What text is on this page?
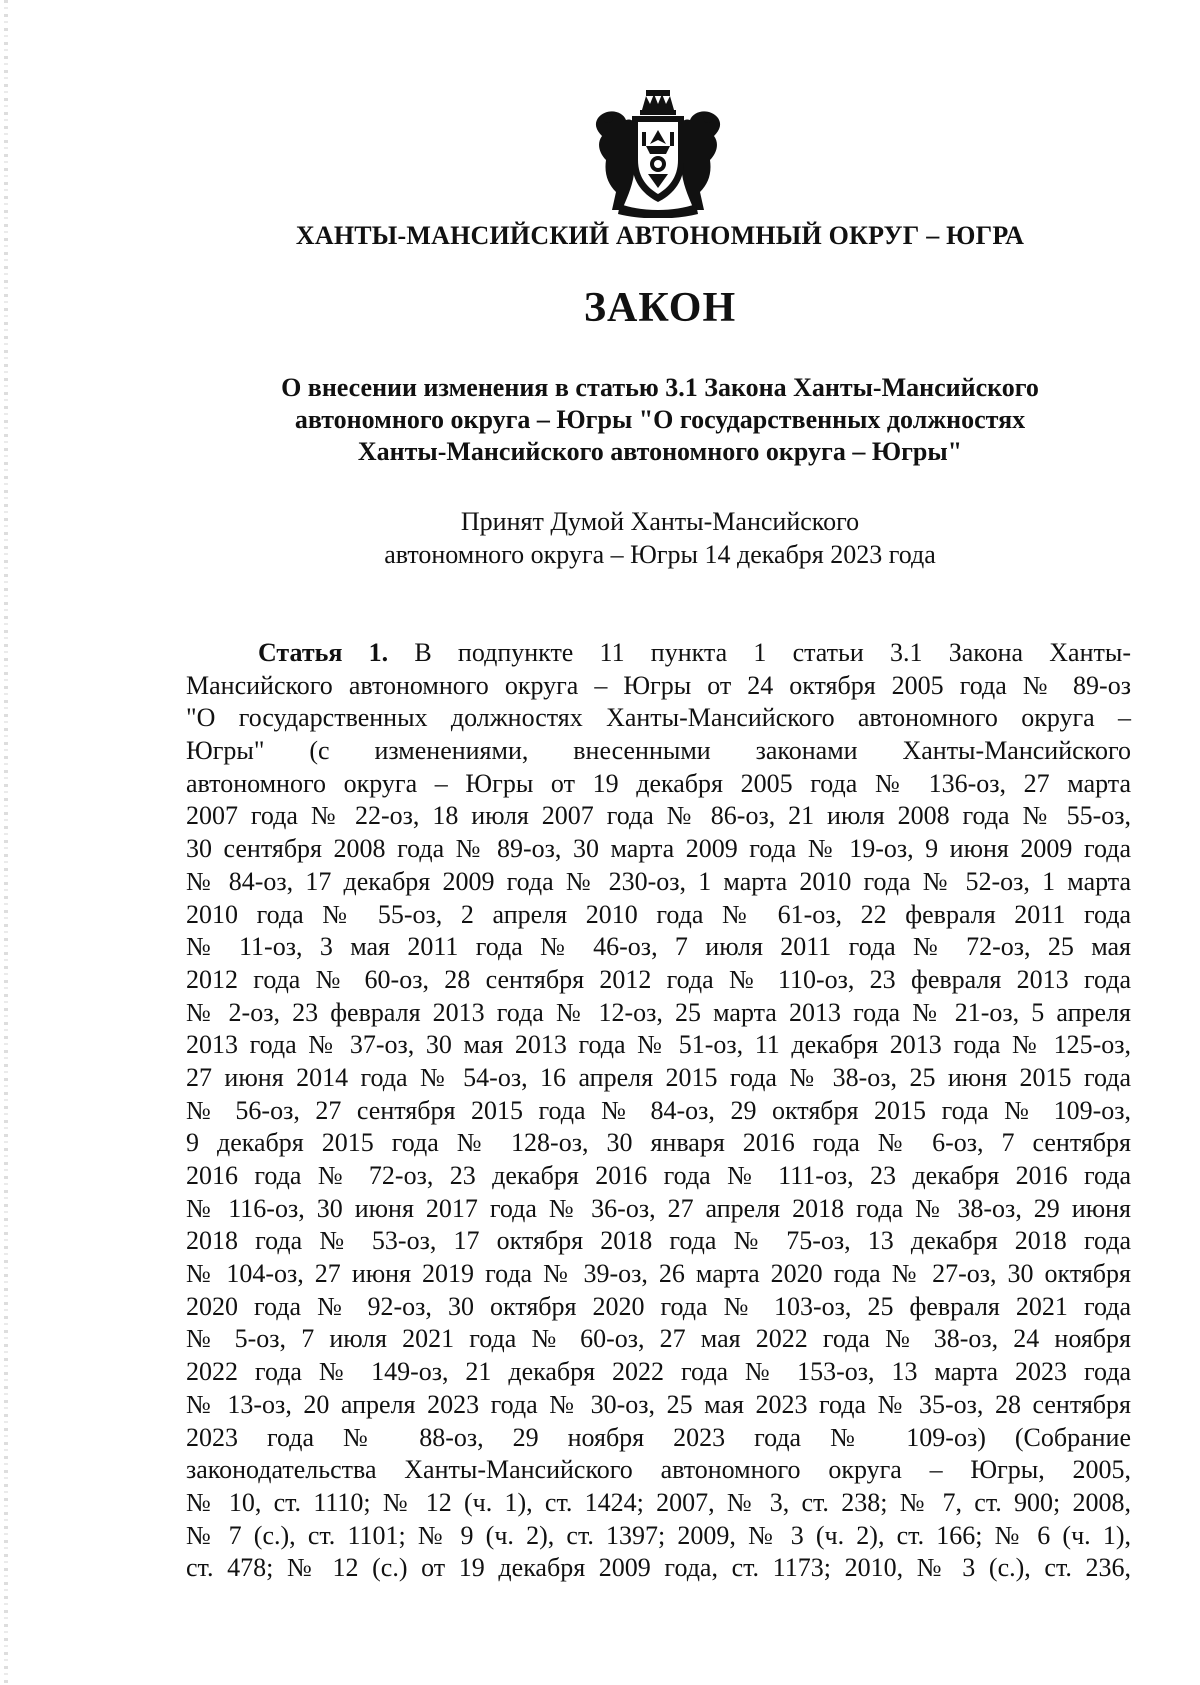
ХАНТЫ-МАНСИЙСКИЙ АВТОНОМНЫЙ ОКРУГ – ЮГРА
ЗАКОН
О внесении изменения в статью 3.1 Закона Ханты-Мансийского
автономного округа – Югры "О государственных должностях
Ханты-Мансийского автономного округа – Югры"
Принят Думой Ханты-Мансийского
автономного округа – Югры 14 декабря 2023 года
Статья 1. В подпункте 11 пункта 1 статьи 3.1 Закона Ханты-
Мансийского автономного округа – Югры от 24 октября 2005 года № 89-оз
"О государственных должностях Ханты-Мансийского автономного округа –
Югры" (с изменениями, внесенными законами Ханты-Мансийского
автономного округа – Югры от 19 декабря 2005 года № 136-оз, 27 марта
2007 года № 22-оз, 18 июля 2007 года № 86-оз, 21 июля 2008 года № 55-оз,
30 сентября 2008 года № 89-оз, 30 марта 2009 года № 19-оз, 9 июня 2009 года
№ 84-оз, 17 декабря 2009 года № 230-оз, 1 марта 2010 года № 52-оз, 1 марта
2010 года № 55-оз, 2 апреля 2010 года № 61-оз, 22 февраля 2011 года
№ 11-оз, 3 мая 2011 года № 46-оз, 7 июля 2011 года № 72-оз, 25 мая
2012 года № 60-оз, 28 сентября 2012 года № 110-оз, 23 февраля 2013 года
№ 2-оз, 23 февраля 2013 года № 12-оз, 25 марта 2013 года № 21-оз, 5 апреля
2013 года № 37-оз, 30 мая 2013 года № 51-оз, 11 декабря 2013 года № 125-оз,
27 июня 2014 года № 54-оз, 16 апреля 2015 года № 38-оз, 25 июня 2015 года
№ 56-оз, 27 сентября 2015 года № 84-оз, 29 октября 2015 года № 109-оз,
9 декабря 2015 года № 128-оз, 30 января 2016 года № 6-оз, 7 сентября
2016 года № 72-оз, 23 декабря 2016 года № 111-оз, 23 декабря 2016 года
№ 116-оз, 30 июня 2017 года № 36-оз, 27 апреля 2018 года № 38-оз, 29 июня
2018 года № 53-оз, 17 октября 2018 года № 75-оз, 13 декабря 2018 года
№ 104-оз, 27 июня 2019 года № 39-оз, 26 марта 2020 года № 27-оз, 30 октября
2020 года № 92-оз, 30 октября 2020 года № 103-оз, 25 февраля 2021 года
№ 5-оз, 7 июля 2021 года № 60-оз, 27 мая 2022 года № 38-оз, 24 ноября
2022 года № 149-оз, 21 декабря 2022 года № 153-оз, 13 марта 2023 года
№ 13-оз, 20 апреля 2023 года № 30-оз, 25 мая 2023 года № 35-оз, 28 сентября
2023 года № 88-оз, 29 ноября 2023 года № 109-оз) (Собрание
законодательства Ханты-Мансийского автономного округа – Югры, 2005,
№ 10, ст. 1110; № 12 (ч. 1), ст. 1424; 2007, № 3, ст. 238; № 7, ст. 900; 2008,
№ 7 (с.), ст. 1101; № 9 (ч. 2), ст. 1397; 2009, № 3 (ч. 2), ст. 166; № 6 (ч. 1),
ст. 478; № 12 (с.) от 19 декабря 2009 года, ст. 1173; 2010, № 3 (с.), ст. 236,
